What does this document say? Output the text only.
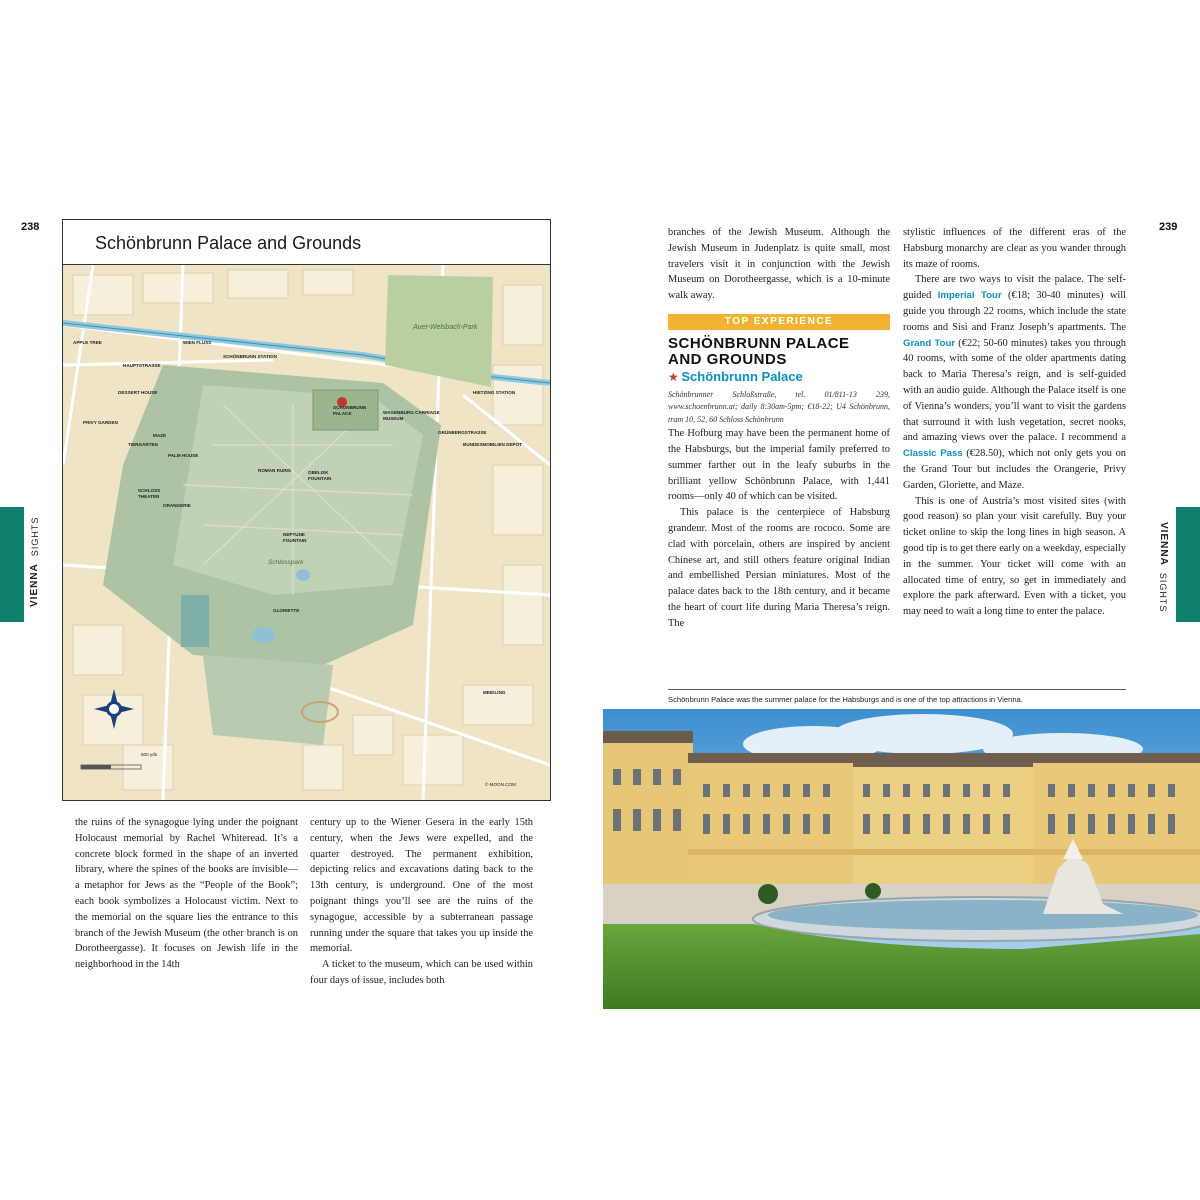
238	239
VIENNA  SIGHTS	VIENNA  SIGHTS
Schönbrunn Palace and Grounds
Auer-Welsbach-Park
Schlosspark
APPLE TREE
HAUPTSTRASSE
WIEN FLUSS
SCHÖNBRUNN STATION
HIETZING STATION
DESSERT HOUSE
PRIVY GARDEN
SCHÖNBRUNN PALACE
MAZE
NEPTUNE FOUNTAIN
GLORIETTE
ROMAN RUINS
TIERGARTEN
PALM HOUSE
OBELISK FOUNTAIN
GRÜNBERGSTRASSE
SCHLOSS THEATER
WAGENBURG CARRIAGE MUSEUM
BUNDESMOBILIEN DEPOT
ORANGERIE
MEIDLING
500 yds
© MOON.COM

the ruins of the synagogue lying under the poignant Holocaust memorial by Rachel Whiteread. It’s a concrete block formed in the shape of an inverted library, where the spines of the books are invisible—a metaphor for Jews as the “People of the Book”; each book symbolizes a Holocaust victim. Next to the memorial on the square lies the entrance to this branch of the Jewish Museum (the other branch is on Dorotheergasse). It focuses on Jewish life in the neighborhood in the 14th

century up to the Wiener Gesera in the early 15th century, when the Jews were expelled, and the quarter destroyed. The permanent exhibition, depicting relics and excavations dating back to the 13th century, is underground. One of the most poignant things you’ll see are the ruins of the synagogue, accessible by a subterranean passage running under the square that takes you up inside the memorial.

A ticket to the museum, which can be used within four days of issue, includes both

branches of the Jewish Museum. Although the Jewish Museum in Judenplatz is quite small, most travelers visit it in conjunction with the Jewish Museum on Dorotheergasse, which is a 10-minute walk away.

TOP EXPERIENCE
SCHÖNBRUNN PALACE
AND GROUNDS
★ Schönbrunn Palace

Schönbrunner Schloßstraße, tel. 01/811-13 239, www.schoenbrunn.at; daily 8:30am-5pm; €18-22; U4 Schönbrunn, tram 10, 52, 60 Schloss Schönbrunn

The Hofburg may have been the permanent home of the Habsburgs, but the imperial family preferred to summer farther out in the leafy suburbs in the brilliant yellow Schönbrunn Palace, with 1,441 rooms—only 40 of which can be visited.

This palace is the centerpiece of Habsburg grandeur. Most of the rooms are rococo. Some are clad with porcelain, others are inspired by ancient Chinese art, and still others feature original Indian and embellished Persian miniatures. Most of the palace dates back to the 18th century, and it became the heart of court life during Maria Theresa’s reign. The

stylistic influences of the different eras of the Habsburg monarchy are clear as you wander through its maze of rooms.

There are two ways to visit the palace. The self-guided Imperial Tour (€18; 30-40 minutes) will guide you through 22 rooms, which include the state rooms and Sisi and Franz Joseph’s apartments. The Grand Tour (€22; 50-60 minutes) takes you through 40 rooms, with some of the older apartments dating back to Maria Theresa’s reign, and is self-guided with an audio guide. Although the Palace itself is one of Vienna’s wonders, you’ll want to visit the gardens that surround it with lush vegetation, secret nooks, and amazing views over the palace. I recommend a Classic Pass (€28.50), which not only gets you on the Grand Tour but includes the Orangerie, Privy Garden, Gloriette, and Maze.

This is one of Austria’s most visited sites (with good reason) so plan your visit carefully. Buy your ticket online to skip the long lines in high season. A good tip is to get there early on a weekday, especially in the summer. Your ticket will come with an allocated time of entry, so get in immediately and explore the park afterward. Even with a ticket, you may need to wait a long time to enter the palace.

Schönbrunn Palace was the summer palace for the Habsburgs and is one of the top attractions in Vienna.
